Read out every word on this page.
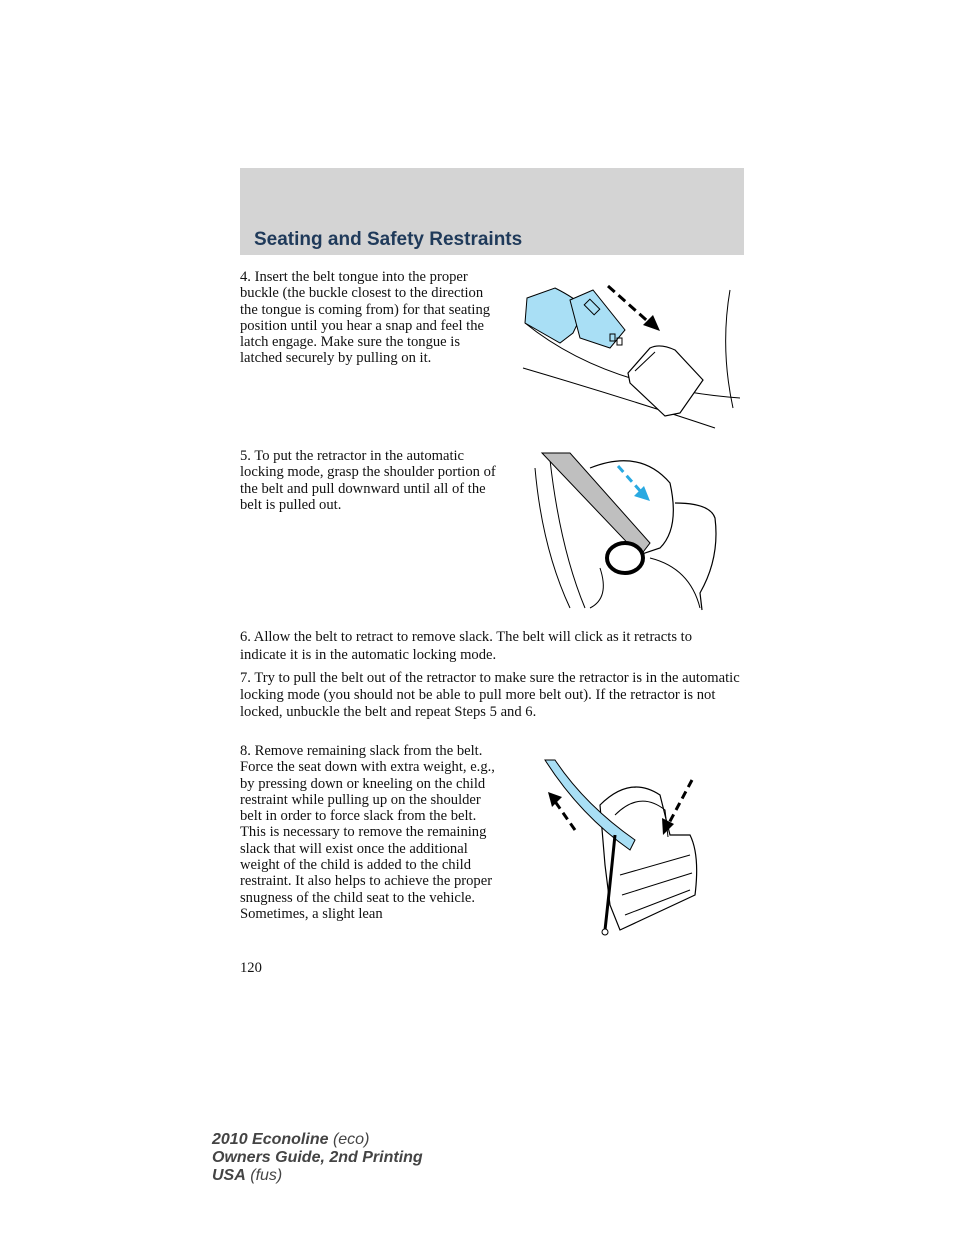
Seating and Safety Restraints

4. Insert the belt tongue into the proper buckle (the buckle closest to the direction the tongue is coming from) for that seating position until you hear a snap and feel the latch engage. Make sure the tongue is latched securely by pulling on it.

5. To put the retractor in the automatic locking mode, grasp the shoulder portion of the belt and pull downward until all of the belt is pulled out.

6. Allow the belt to retract to remove slack. The belt will click as it retracts to indicate it is in the automatic locking mode.

7. Try to pull the belt out of the retractor to make sure the retractor is in the automatic locking mode (you should not be able to pull more belt out). If the retractor is not locked, unbuckle the belt and repeat Steps 5 and 6.

8. Remove remaining slack from the belt. Force the seat down with extra weight, e.g., by pressing down or kneeling on the child restraint while pulling up on the shoulder belt in order to force slack from the belt. This is necessary to remove the remaining slack that will exist once the additional weight of the child is added to the child restraint. It also helps to achieve the proper snugness of the child seat to the vehicle. Sometimes, a slight lean

120
2010 Econoline (eco)
Owners Guide, 2nd Printing
USA (fus)
